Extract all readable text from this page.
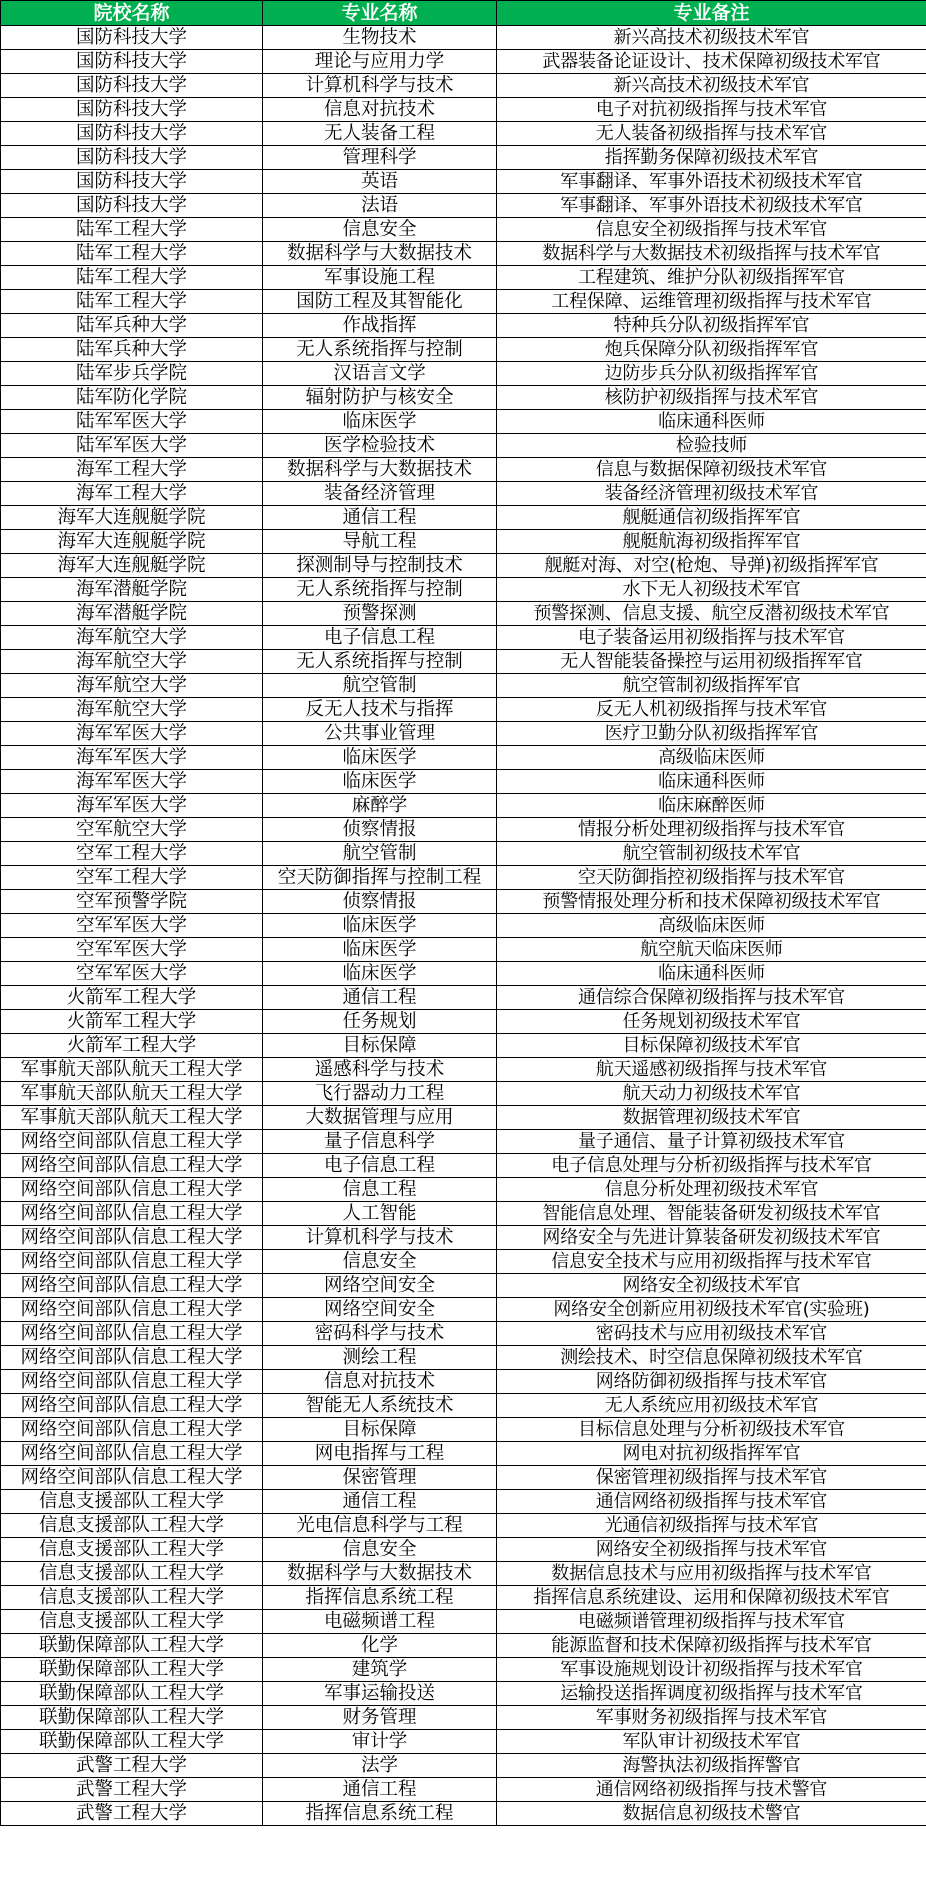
院校名称	专业名称	专业备注
国防科技大学	生物技术	新兴高技术初级技术军官
国防科技大学	理论与应用力学	武器装备论证设计、技术保障初级技术军官
国防科技大学	计算机科学与技术	新兴高技术初级技术军官
国防科技大学	信息对抗技术	电子对抗初级指挥与技术军官
国防科技大学	无人装备工程	无人装备初级指挥与技术军官
国防科技大学	管理科学	指挥勤务保障初级技术军官
国防科技大学	英语	军事翻译、军事外语技术初级技术军官
国防科技大学	法语	军事翻译、军事外语技术初级技术军官
陆军工程大学	信息安全	信息安全初级指挥与技术军官
陆军工程大学	数据科学与大数据技术	数据科学与大数据技术初级指挥与技术军官
陆军工程大学	军事设施工程	工程建筑、维护分队初级指挥军官
陆军工程大学	国防工程及其智能化	工程保障、运维管理初级指挥与技术军官
陆军兵种大学	作战指挥	特种兵分队初级指挥军官
陆军兵种大学	无人系统指挥与控制	炮兵保障分队初级指挥军官
陆军步兵学院	汉语言文学	边防步兵分队初级指挥军官
陆军防化学院	辐射防护与核安全	核防护初级指挥与技术军官
陆军军医大学	临床医学	临床通科医师
陆军军医大学	医学检验技术	检验技师
海军工程大学	数据科学与大数据技术	信息与数据保障初级技术军官
海军工程大学	装备经济管理	装备经济管理初级技术军官
海军大连舰艇学院	通信工程	舰艇通信初级指挥军官
海军大连舰艇学院	导航工程	舰艇航海初级指挥军官
海军大连舰艇学院	探测制导与控制技术	舰艇对海、对空(枪炮、导弹)初级指挥军官
海军潜艇学院	无人系统指挥与控制	水下无人初级技术军官
海军潜艇学院	预警探测	预警探测、信息支援、航空反潜初级技术军官
海军航空大学	电子信息工程	电子装备运用初级指挥与技术军官
海军航空大学	无人系统指挥与控制	无人智能装备操控与运用初级指挥军官
海军航空大学	航空管制	航空管制初级指挥军官
海军航空大学	反无人技术与指挥	反无人机初级指挥与技术军官
海军军医大学	公共事业管理	医疗卫勤分队初级指挥军官
海军军医大学	临床医学	高级临床医师
海军军医大学	临床医学	临床通科医师
海军军医大学	麻醉学	临床麻醉医师
空军航空大学	侦察情报	情报分析处理初级指挥与技术军官
空军工程大学	航空管制	航空管制初级技术军官
空军工程大学	空天防御指挥与控制工程	空天防御指控初级指挥与技术军官
空军预警学院	侦察情报	预警情报处理分析和技术保障初级技术军官
空军军医大学	临床医学	高级临床医师
空军军医大学	临床医学	航空航天临床医师
空军军医大学	临床医学	临床通科医师
火箭军工程大学	通信工程	通信综合保障初级指挥与技术军官
火箭军工程大学	任务规划	任务规划初级技术军官
火箭军工程大学	目标保障	目标保障初级技术军官
军事航天部队航天工程大学	遥感科学与技术	航天遥感初级指挥与技术军官
军事航天部队航天工程大学	飞行器动力工程	航天动力初级技术军官
军事航天部队航天工程大学	大数据管理与应用	数据管理初级技术军官
网络空间部队信息工程大学	量子信息科学	量子通信、量子计算初级技术军官
网络空间部队信息工程大学	电子信息工程	电子信息处理与分析初级指挥与技术军官
网络空间部队信息工程大学	信息工程	信息分析处理初级技术军官
网络空间部队信息工程大学	人工智能	智能信息处理、智能装备研发初级技术军官
网络空间部队信息工程大学	计算机科学与技术	网络安全与先进计算装备研发初级技术军官
网络空间部队信息工程大学	信息安全	信息安全技术与应用初级指挥与技术军官
网络空间部队信息工程大学	网络空间安全	网络安全初级技术军官
网络空间部队信息工程大学	网络空间安全	网络安全创新应用初级技术军官(实验班)
网络空间部队信息工程大学	密码科学与技术	密码技术与应用初级技术军官
网络空间部队信息工程大学	测绘工程	测绘技术、时空信息保障初级技术军官
网络空间部队信息工程大学	信息对抗技术	网络防御初级指挥与技术军官
网络空间部队信息工程大学	智能无人系统技术	无人系统应用初级技术军官
网络空间部队信息工程大学	目标保障	目标信息处理与分析初级技术军官
网络空间部队信息工程大学	网电指挥与工程	网电对抗初级指挥军官
网络空间部队信息工程大学	保密管理	保密管理初级指挥与技术军官
信息支援部队工程大学	通信工程	通信网络初级指挥与技术军官
信息支援部队工程大学	光电信息科学与工程	光通信初级指挥与技术军官
信息支援部队工程大学	信息安全	网络安全初级指挥与技术军官
信息支援部队工程大学	数据科学与大数据技术	数据信息技术与应用初级指挥与技术军官
信息支援部队工程大学	指挥信息系统工程	指挥信息系统建设、运用和保障初级技术军官
信息支援部队工程大学	电磁频谱工程	电磁频谱管理初级指挥与技术军官
联勤保障部队工程大学	化学	能源监督和技术保障初级指挥与技术军官
联勤保障部队工程大学	建筑学	军事设施规划设计初级指挥与技术军官
联勤保障部队工程大学	军事运输投送	运输投送指挥调度初级指挥与技术军官
联勤保障部队工程大学	财务管理	军事财务初级指挥与技术军官
联勤保障部队工程大学	审计学	军队审计初级技术军官
武警工程大学	法学	海警执法初级指挥警官
武警工程大学	通信工程	通信网络初级指挥与技术警官
武警工程大学	指挥信息系统工程	数据信息初级技术警官
